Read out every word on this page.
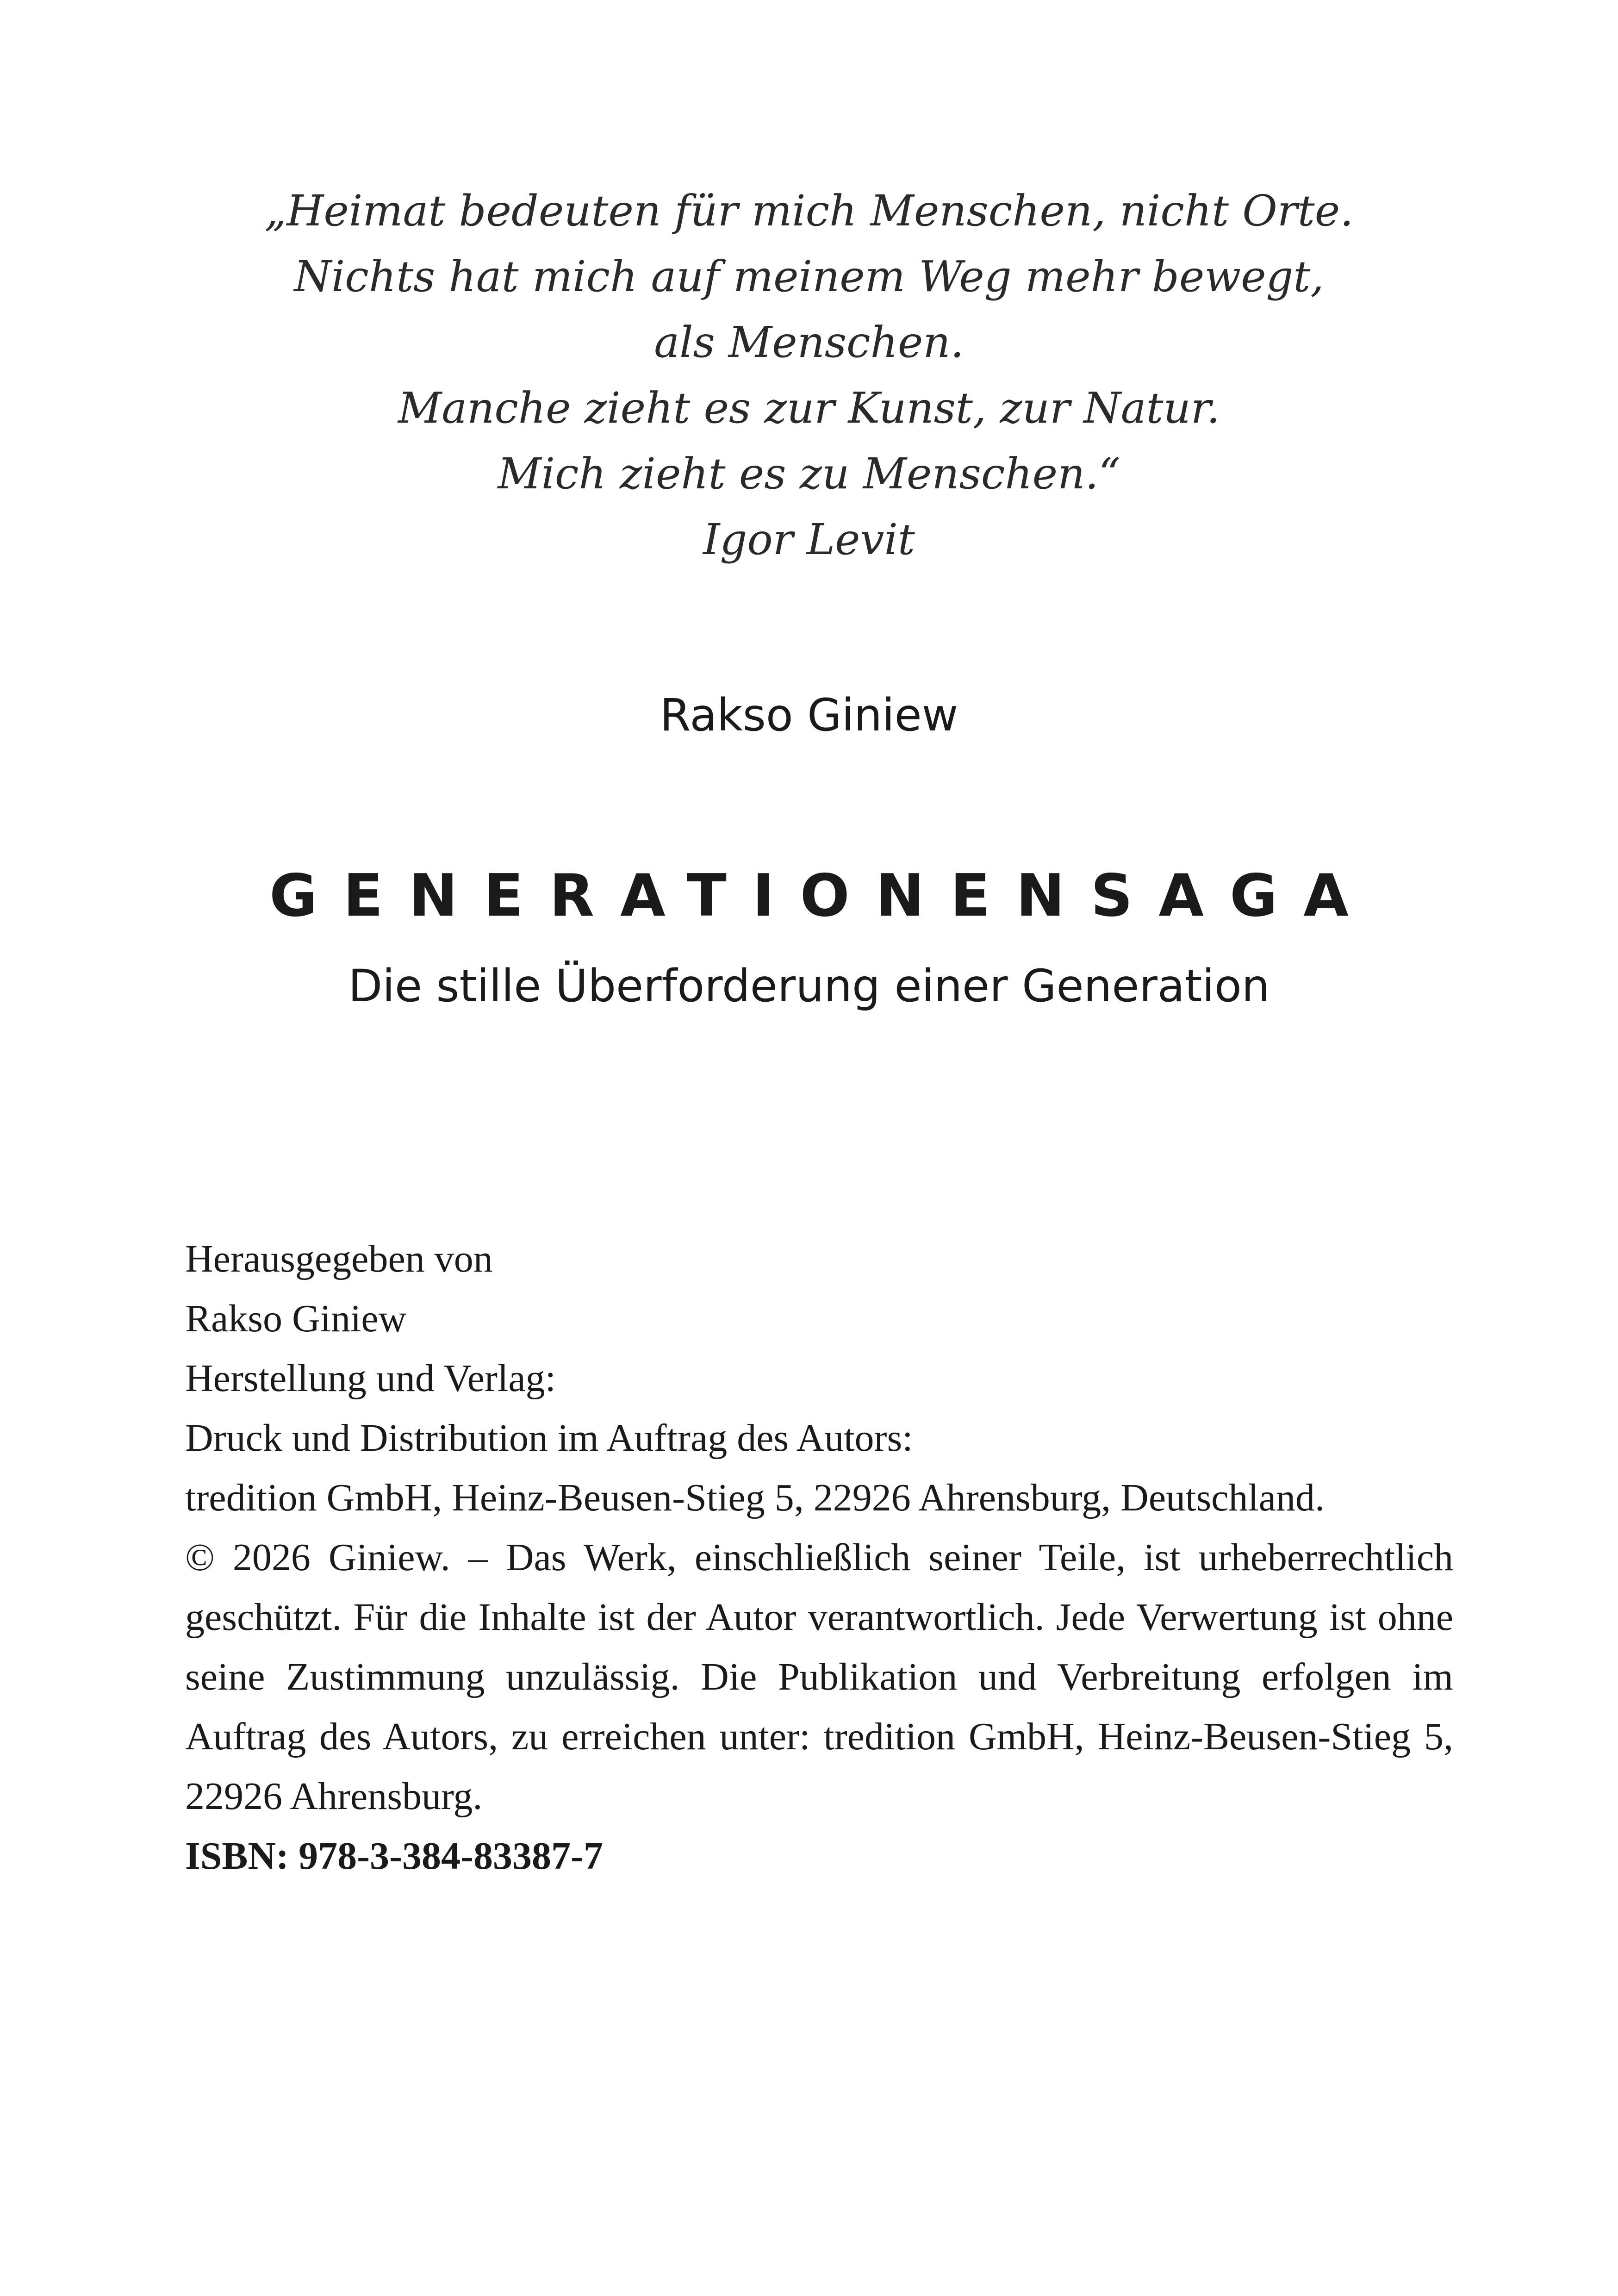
„Heimat bedeuten für mich Menschen, nicht Orte.
Nichts hat mich auf meinem Weg mehr bewegt,
als Menschen.
Manche zieht es zur Kunst, zur Natur.
Mich zieht es zu Menschen.“
Igor Levit
Rakso Giniew
GENERATIONENSAGA
Die stille Überforderung einer Generation
Herausgegeben von
Rakso Giniew
Herstellung und Verlag:
Druck und Distribution im Auftrag des Autors:
tredition GmbH, Heinz-Beusen-Stieg 5, 22926 Ahrensburg, Deutschland.
© 2026 Giniew. – Das Werk, einschließlich seiner Teile, ist urheberrechtlich geschützt. Für die Inhalte ist der Autor verantwortlich. Jede Verwertung ist ohne seine Zustimmung unzulässig. Die Publikation und Verbreitung erfolgen im Auftrag des Autors, zu erreichen unter: tredition GmbH, Heinz-Beusen-Stieg 5, 22926 Ahrensburg.
ISBN: 978-3-384-83387-7
